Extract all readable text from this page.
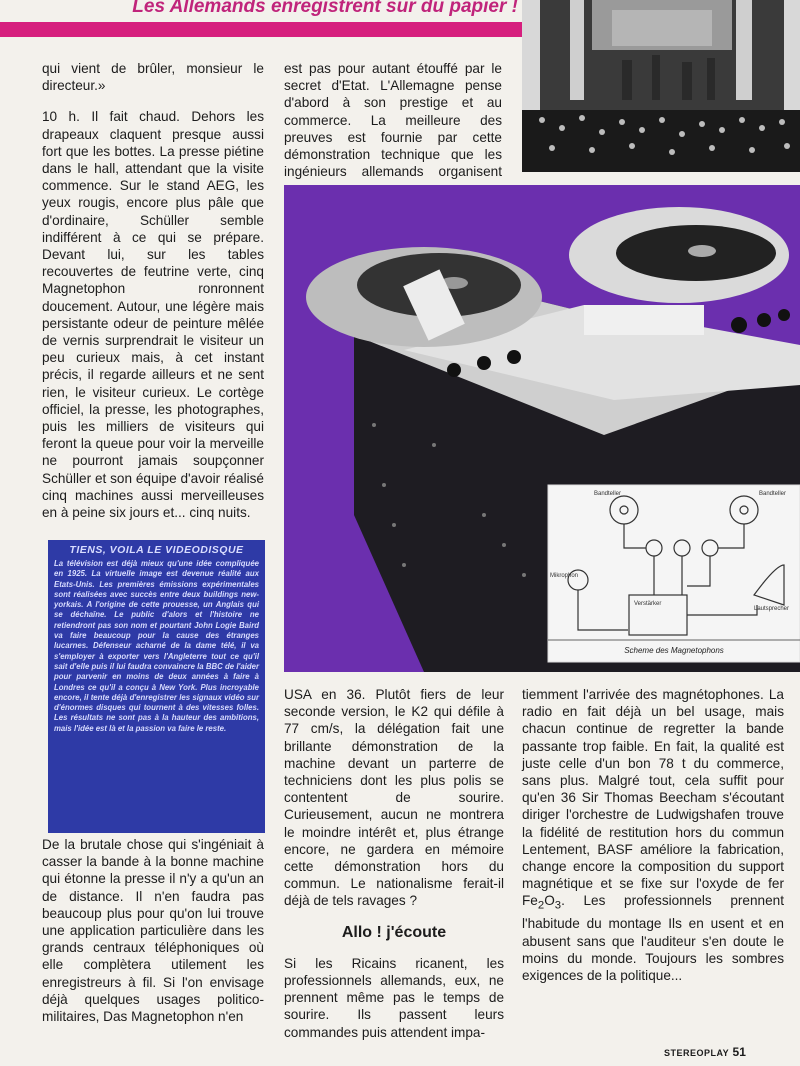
Les Allemands enregistrent sur du papier !

qui vient de brûler, monsieur le directeur.»

10 h. Il fait chaud. Dehors les drapeaux claquent presque aussi fort que les bottes. La presse piétine dans le hall, attendant que la visite commence. Sur le stand AEG, les yeux rougis, encore plus pâle que d'ordinaire, Schüller semble indifférent à ce qui se prépare. Devant lui, sur les tables recouvertes de feutrine verte, cinq Magnetophon ronronnent doucement. Autour, une légère mais persistante odeur de peinture mêlée de vernis surprendrait le visiteur un peu curieux mais, à cet instant précis, il regarde ailleurs et ne sent rien, le visiteur curieux. Le cortège officiel, la presse, les photographes, puis les milliers de visiteurs qui feront la queue pour voir la merveille ne pourront jamais soupçonner Schüller et son équipe d'avoir réalisé cinq machines aussi merveilleuses en à peine six jours et... cinq nuits.

est pas pour autant étouffé par le secret d'Etat. L'Allemagne pense d'abord à son prestige et au commerce. La meilleure des preuves est fournie par cette démonstration technique que les ingénieurs allemands organisent

TIENS, VOILA LE VIDEODISQUE
La télévision est déjà mieux qu'une idée compliquée en 1925. La virtuelle image est devenue réalité aux Etats-Unis. Les premières émissions expérimentales sont réalisées avec succès entre deux buildings new-yorkais. A l'origine de cette prouesse, un Anglais qui se déchaîne. Le public d'alors et l'histoire ne retiendront pas son nom et pourtant John Logie Baird va faire beaucoup pour la cause des étranges lucarnes. Défenseur acharné de la dame télé, il va s'employer à exporter vers l'Angleterre tout ce qu'il sait d'elle puis il lui faudra convaincre la BBC de l'aider pour parvenir en moins de deux années à faire à Londres ce qu'il a conçu à New York. Plus incroyable encore, il tente déjà d'enregistrer les signaux vidéo sur d'énormes disques qui tournent à des vitesses folles. Les résultats ne sont pas à la hauteur des ambitions, mais l'idée est là et la passion va faire le reste.
Bandteller	Bandteller
Mikrophon
Lautsprecher
Verstärker
Scheme des Magnetophons

De la brutale chose qui s'ingéniait à casser la bande à la bonne machine qui étonne la presse il n'y a qu'un an de distance. Il n'en faudra pas beaucoup plus pour qu'on lui trouve une application particulière dans les grands centraux téléphoniques où elle complètera utilement les enregistreurs à fil. Si l'on envisage déjà quelques usages politico-militaires, Das Magnetophon n'en

USA en 36. Plutôt fiers de leur seconde version, le K2 qui défile à 77 cm/s, la délégation fait une brillante démonstration de la machine devant un parterre de techniciens dont les plus polis se contentent de sourire. Curieusement, aucun ne montrera le moindre intérêt et, plus étrange encore, ne gardera en mémoire cette démonstration hors du commun. Le nationalisme ferait-il déjà de tels ravages ?

Allo ! j'écoute

Si les Ricains ricanent, les professionnels allemands, eux, ne prennent même pas le temps de sourire. Ils passent leurs commandes puis attendent impa-

tiemment l'arrivée des magnétophones. La radio en fait déjà un bel usage, mais chacun continue de regretter la bande passante trop faible. En fait, la qualité est juste celle d'un bon 78 t du commerce, sans plus. Malgré tout, cela suffit pour qu'en 36 Sir Thomas Beecham s'écoutant diriger l'orchestre de Ludwigshafen trouve la fidélité de restitution hors du commun Lentement, BASF améliore la fabrication, change encore la composition du support magnétique et se fixe sur l'oxyde de fer $Fe_2O_3$. Les professionnels prennent l'habitude du montage Ils en usent et en abusent sans que l'auditeur s'en doute le moins du monde. Toujours les sombres exigences de la politique...

STEREOPLAY 51
